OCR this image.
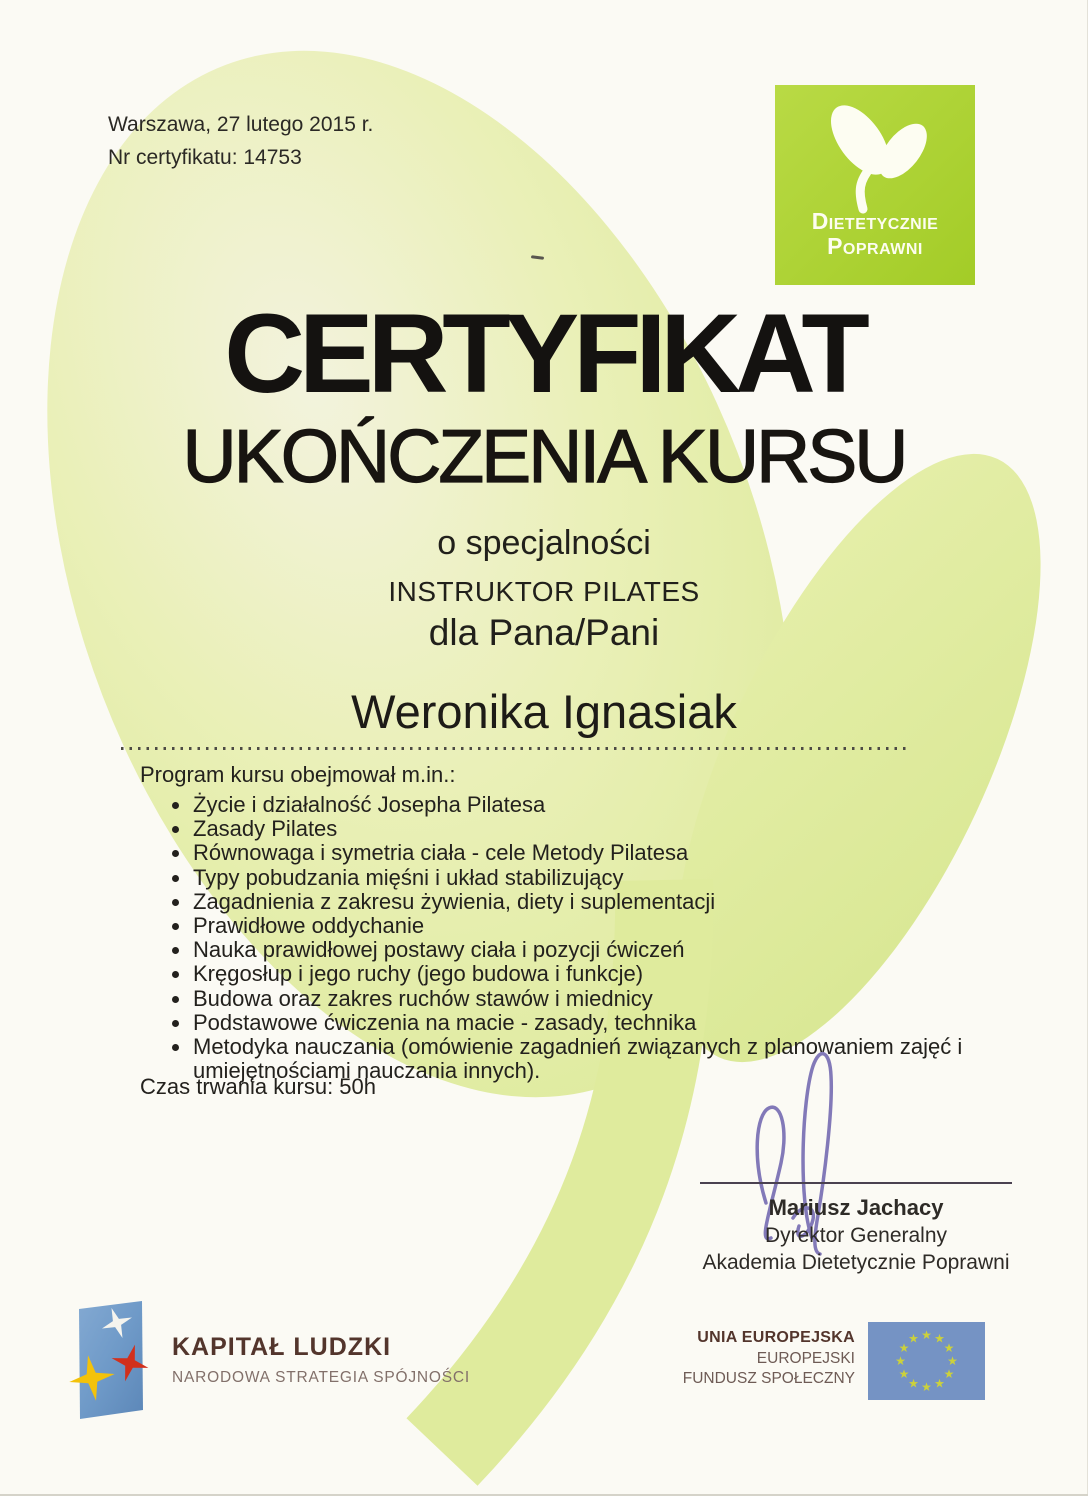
Warszawa, 27 lutego 2015 r.
Nr certyfikatu: 14753
Dietetycznie
Poprawni
CERTYFIKAT
UKOŃCZENIA KURSU
o specjalności
INSTRUKTOR PILATES
dla Pana/Pani
Weronika Ignasiak
Program kursu obejmował m.in.:
Życie i działalność Josepha Pilatesa
Zasady Pilates
Równowaga i symetria ciała - cele Metody Pilatesa
Typy pobudzania mięśni i układ stabilizujący
Zagadnienia z zakresu żywienia, diety i suplementacji
Prawidłowe oddychanie
Nauka prawidłowej postawy ciała i pozycji ćwiczeń
Kręgosłup i jego ruchy (jego budowa i funkcje)
Budowa oraz zakres ruchów stawów i miednicy
Podstawowe ćwiczenia na macie - zasady, technika
Metodyka nauczania (omówienie zagadnień związanych z planowaniem zajęć i umiejętnościami nauczania innych).
Czas trwania kursu: 50h
Mariusz Jachacy
Dyrektor Generalny
Akademia Dietetycznie Poprawni
KAPITAŁ LUDZKI
NARODOWA STRATEGIA SPÓJNOŚCI
UNIA EUROPEJSKA
EUROPEJSKI
FUNDUSZ SPOŁECZNY
★ ★
★
★
★
★
★
★
★
★
★
★
